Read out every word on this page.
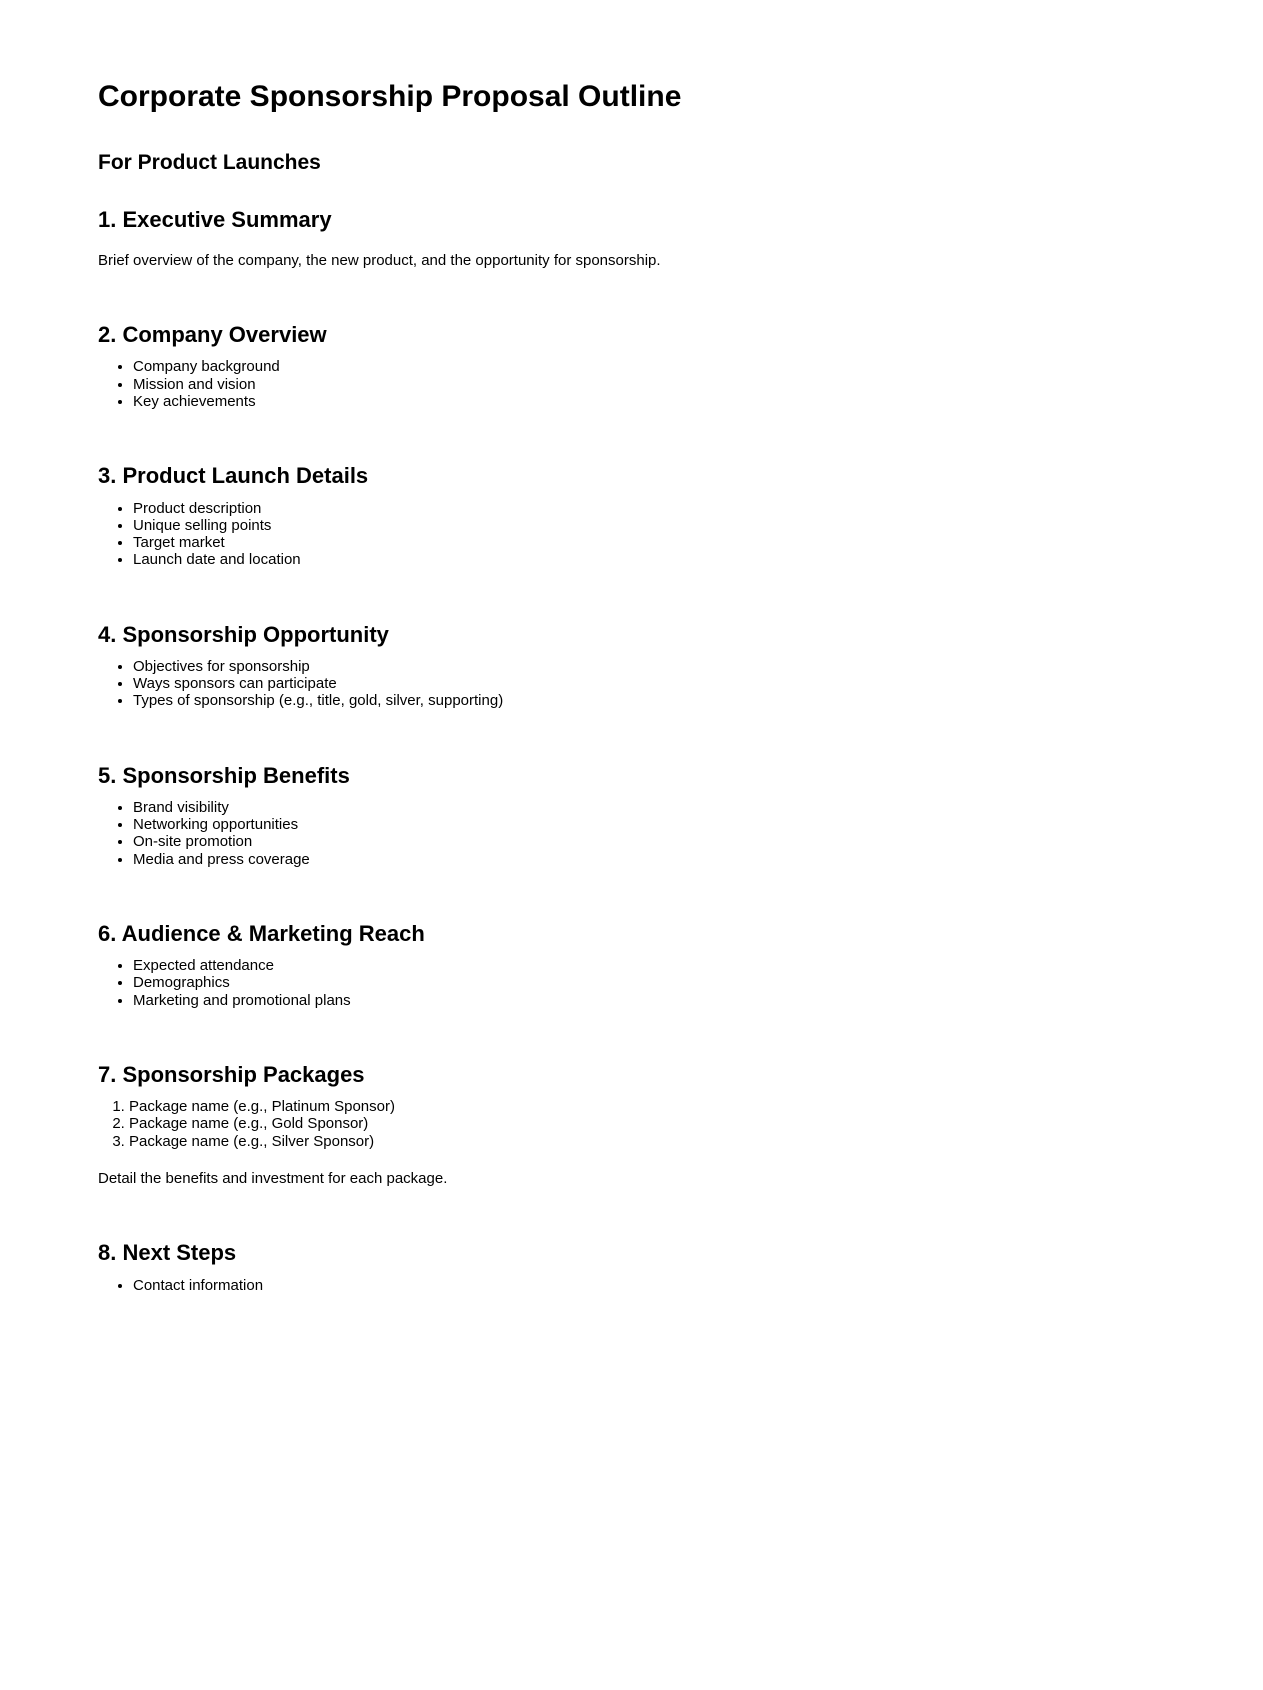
Corporate Sponsorship Proposal Outline
For Product Launches
1. Executive Summary

Brief overview of the company, the new product, and the opportunity for sponsorship.

2. Company Overview
• Company background
• Mission and vision
• Key achievements
3. Product Launch Details
• Product description
• Unique selling points
• Target market
• Launch date and location
4. Sponsorship Opportunity
• Objectives for sponsorship
• Ways sponsors can participate
• Types of sponsorship (e.g., title, gold, silver, supporting)
5. Sponsorship Benefits
• Brand visibility
• Networking opportunities
• On-site promotion
• Media and press coverage
6. Audience & Marketing Reach
• Expected attendance
• Demographics
• Marketing and promotional plans
7. Sponsorship Packages
1. Package name (e.g., Platinum Sponsor)
2. Package name (e.g., Gold Sponsor)
3. Package name (e.g., Silver Sponsor)

Detail the benefits and investment for each package.

8. Next Steps
• Contact information
